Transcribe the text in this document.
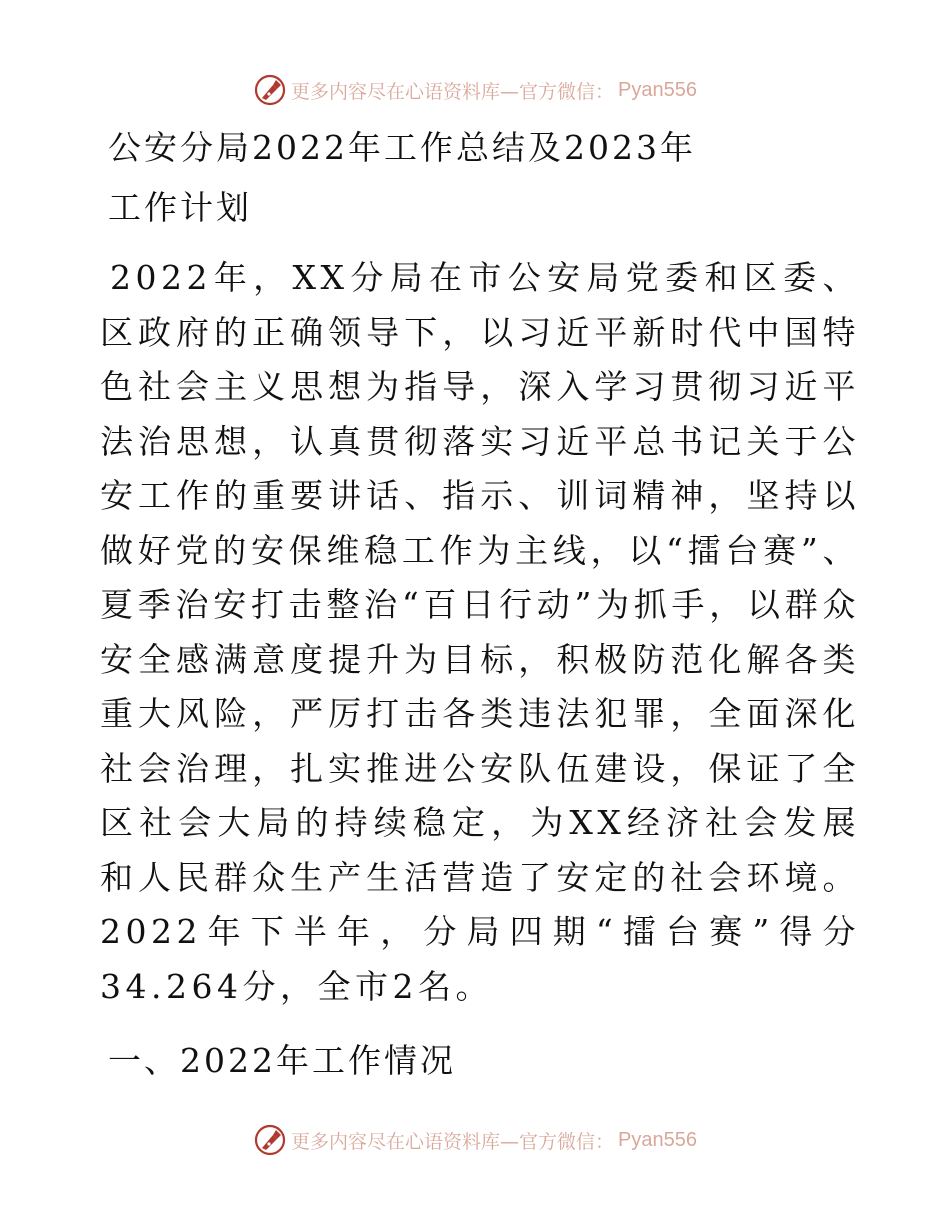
更多内容尽在心语资料库—官方微信： Pyan556
公安分局2022年工作总结及2023年
工作计划

2022年，XX分局在市公安局党委和区委、区政府的正确领导下，以习近平新时代中国特色社会主义思想为指导，深入学习贯彻习近平法治思想，认真贯彻落实习近平总书记关于公安工作的重要讲话、指示、训词精神，坚持以做好党的安保维稳工作为主线，以“擂台赛”、夏季治安打击整治“百日行动”为抓手，以群众安全感满意度提升为目标，积极防范化解各类重大风险，严厉打击各类违法犯罪，全面深化社会治理，扎实推进公安队伍建设，保证了全区社会大局的持续稳定，为XX经济社会发展和人民群众生产生活营造了安定的社会环境。2022年下半年，分局四期“擂台赛”得分34.264分，全市2名。

一、2022年工作情况
更多内容尽在心语资料库—官方微信： Pyan556
